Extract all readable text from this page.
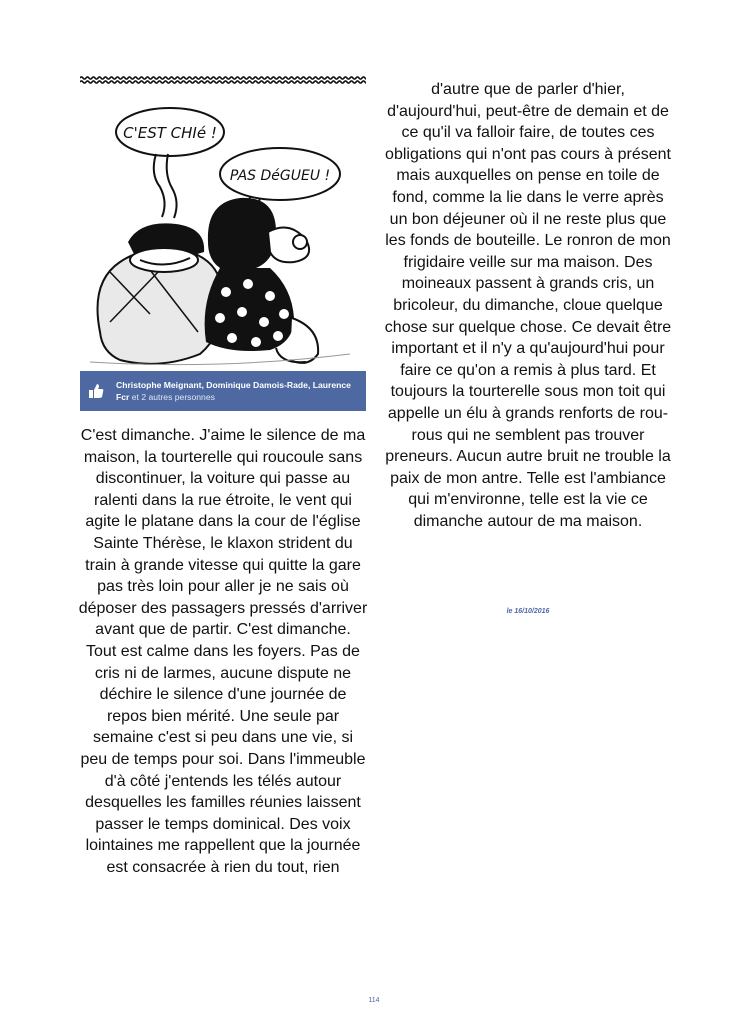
C'EST CHIé !
PAS DéGUEU !
Christophe Meignant, Dominique Damois-Rade, Laurence Fcr et 2 autres personnes

C'est dimanche. J'aime le silence de ma maison, la tourterelle qui roucoule sans discontinuer, la voiture qui passe au ralenti dans la rue étroite, le vent qui agite le platane dans la cour de l'église Sainte Thérèse, le klaxon strident du train à grande vitesse qui quitte la gare pas très loin pour aller je ne sais où déposer des passagers pressés d'arriver avant que de partir. C'est dimanche. Tout est calme dans les foyers. Pas de cris ni de larmes, aucune dispute ne déchire le silence d'une journée de repos bien mérité. Une seule par semaine c'est si peu dans une vie, si peu de temps pour soi. Dans l'immeuble d'à côté j'entends les télés autour desquelles les familles réunies laissent passer le temps dominical. Des voix lointaines me rappellent que la journée est consacrée à rien du tout, rien

d'autre que de parler d'hier, d'aujourd'hui, peut-être de demain et de ce qu'il va falloir faire, de toutes ces obligations qui n'ont pas cours à présent mais auxquelles on pense en toile de fond, comme la lie dans le verre après un bon déjeuner où il ne reste plus que les fonds de bouteille. Le ronron de mon frigidaire veille sur ma maison. Des moineaux passent à grands cris, un bricoleur, du dimanche, cloue quelque chose sur quelque chose. Ce devait être important et il n'y a qu'aujourd'hui pour faire ce qu'on a remis à plus tard. Et toujours la tourterelle sous mon toit qui appelle un élu à grands renforts de rou-rous qui ne semblent pas trouver preneurs. Aucun autre bruit ne trouble la paix de mon antre. Telle est l'ambiance qui m'environne, telle est la vie ce dimanche autour de ma maison.

le 16/10/2016
114
